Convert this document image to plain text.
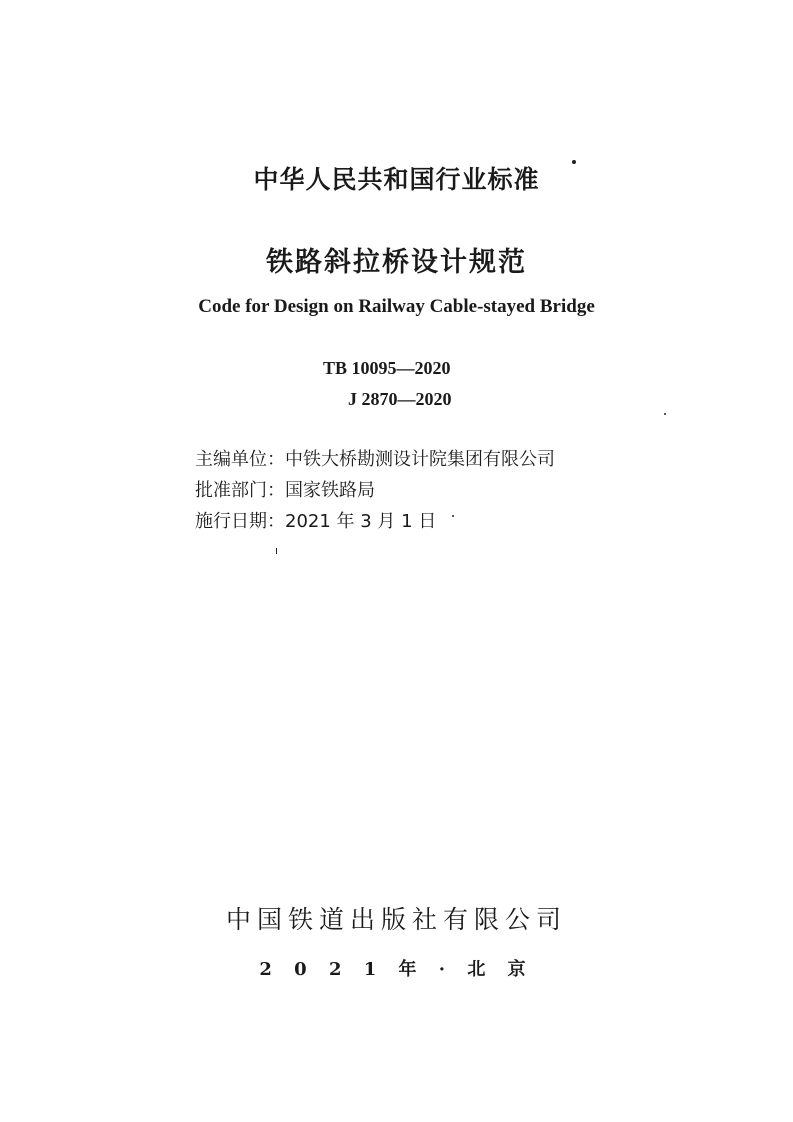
中华人民共和国行业标准
铁路斜拉桥设计规范
Code for Design on Railway Cable-stayed Bridge
TB 10095—2020
J 2870—2020
主编单位：中铁大桥勘测设计院集团有限公司
批准部门：国家铁路局
施行日期：2021 年 3 月 1 日
中国铁道出版社有限公司
2 0 2 1 年 · 北 京
